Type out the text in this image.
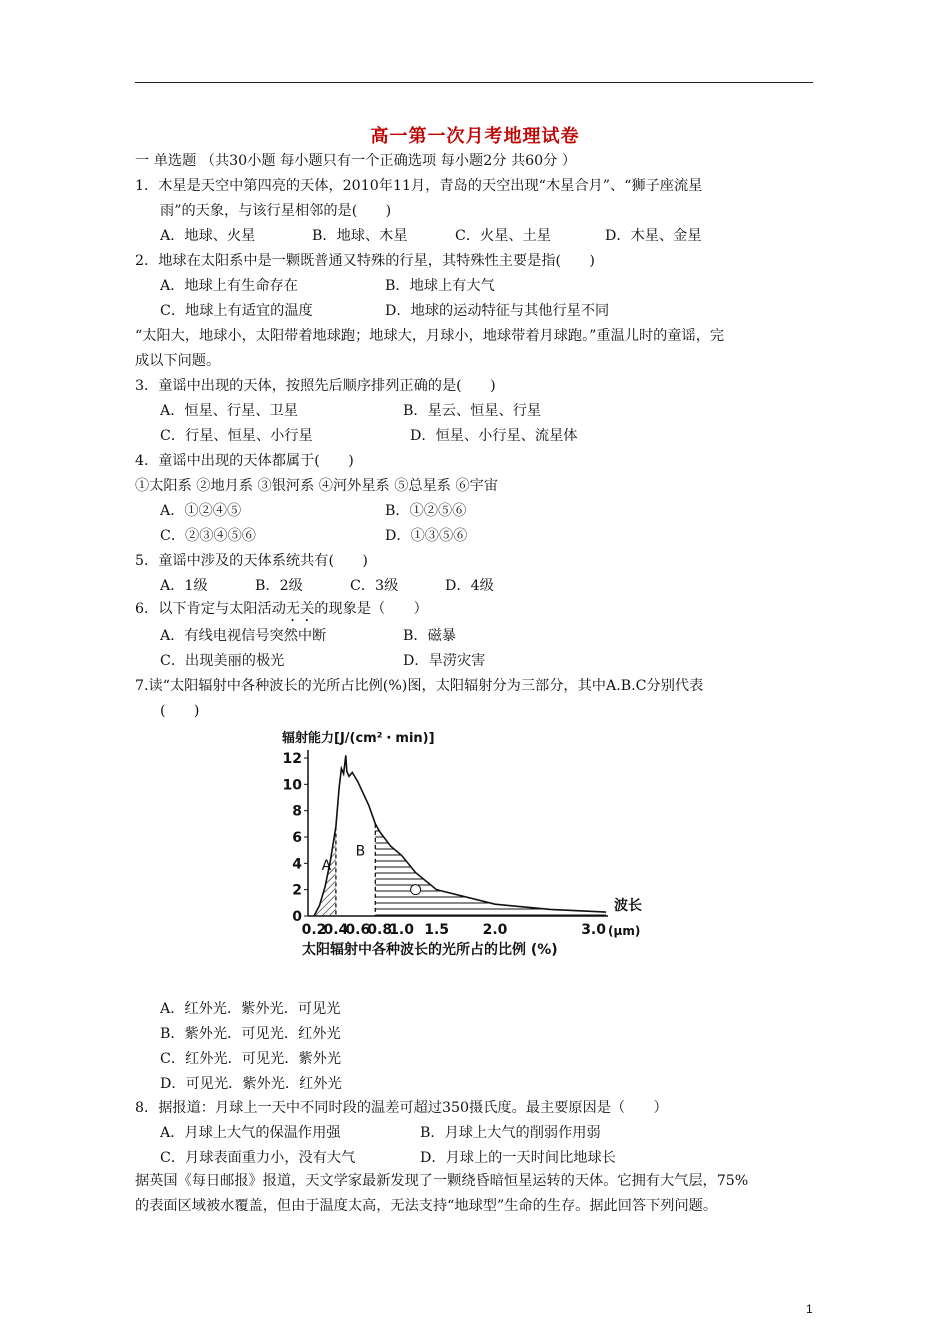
高一第一次月考地理试卷
一 单选题 （共30小题 每小题只有一个正确选项 每小题2分 共60分 ）
1．木星是天空中第四亮的天体，2010年11月，青岛的天空出现“木星合月”、“狮子座流星
雨”的天象，与该行星相邻的是(　　)
A．地球、火星	B．地球、木星	C．火星、土星	D．木星、金星
2．地球在太阳系中是一颗既普通又特殊的行星，其特殊性主要是指(　　)
A．地球上有生命存在	B．地球上有大气
C．地球上有适宜的温度	D．地球的运动特征与其他行星不同
“太阳大，地球小，太阳带着地球跑；地球大，月球小，地球带着月球跑。”重温儿时的童谣，完
成以下问题。
3．童谣中出现的天体，按照先后顺序排列正确的是(　　)
A．恒星、行星、卫星	B．星云、恒星、行星
C．行星、恒星、小行星	D．恒星、小行星、流星体
4．童谣中出现的天体都属于(　　)
①太阳系 ②地月系 ③银河系 ④河外星系 ⑤总星系 ⑥宇宙
A．①②④⑤	B．①②⑤⑥
C．②③④⑤⑥	D．①③⑤⑥
5．童谣中涉及的天体系统共有(　　)
A．1级	B．2级	C．3级	D．4级
6．以下肯定与太阳活动无关的现象是（　　）
A．有线电视信号突然中断	B．磁暴
C．出现美丽的极光	D．旱涝灾害
7.读“太阳辐射中各种波长的光所占比例(%)图，太阳辐射分为三部分，其中A.B.C分别代表
(　　)
辐射能力[J/(cm²・min)]
A
B
0
2
4
6
8
10
12
0.2
0.4
0.6
0.8
1.0 1.5 2.0	3.0
波长
(μm)
太阳辐射中各种波长的光所占的比例 (%)
A．红外光．紫外光．可见光
B．紫外光．可见光．红外光
C．红外光．可见光．紫外光
D．可见光．紫外光．红外光
8．据报道：月球上一天中不同时段的温差可超过350摄氏度。最主要原因是（　　）
A．月球上大气的保温作用强	B．月球上大气的削弱作用弱
C．月球表面重力小，没有大气	D．月球上的一天时间比地球长
据英国《每日邮报》报道，天文学家最新发现了一颗绕昏暗恒星运转的天体。它拥有大气层，75%
的表面区域被水覆盖，但由于温度太高，无法支持“地球型”生命的生存。据此回答下列问题。
1
